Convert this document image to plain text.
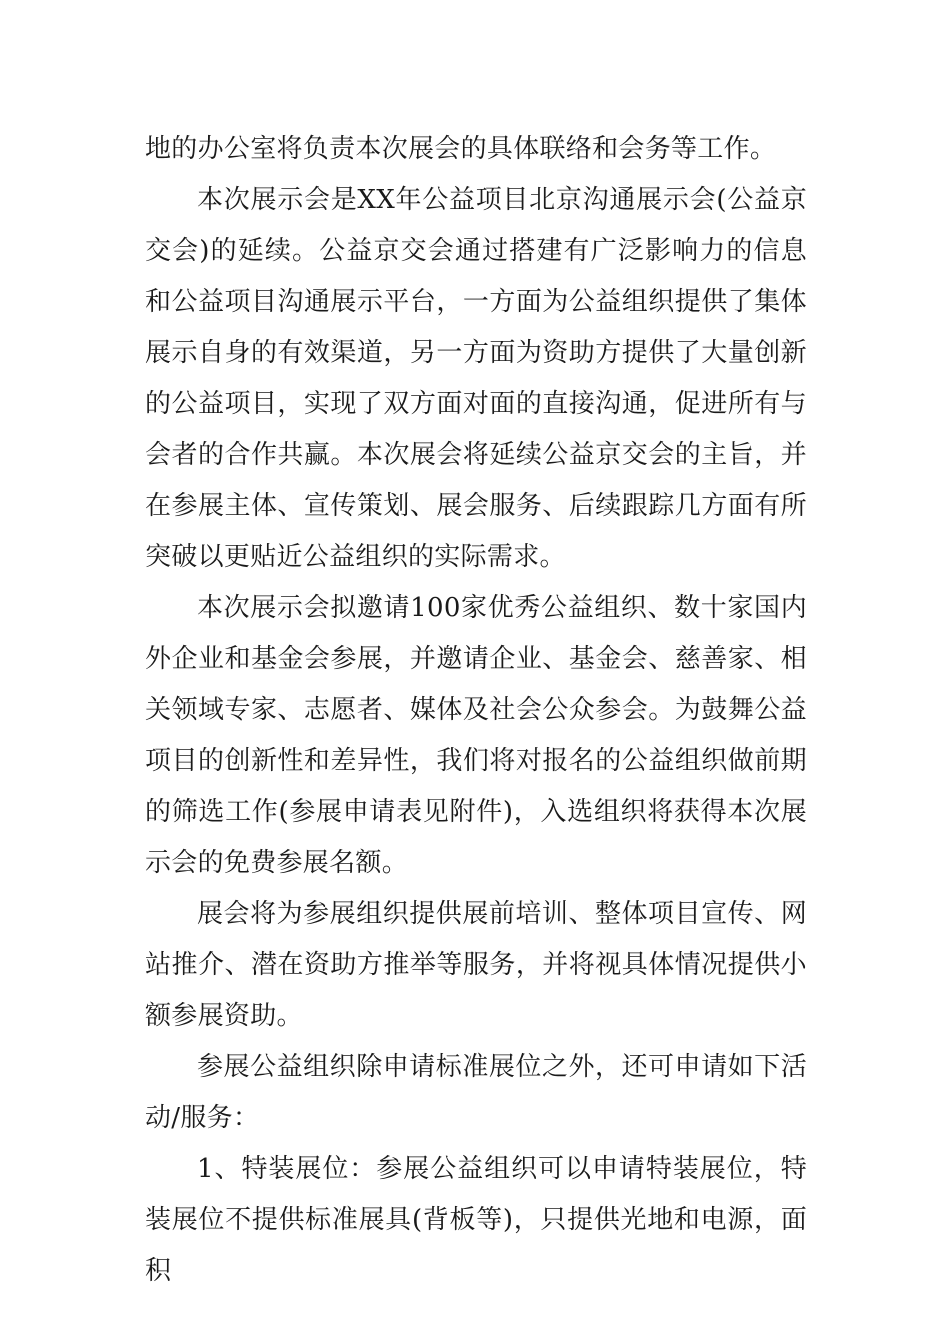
地的办公室将负责本次展会的具体联络和会务等工作。

本次展示会是XX年公益项目北京沟通展示会(公益京交会)的延续。公益京交会通过搭建有广泛影响力的信息和公益项目沟通展示平台，一方面为公益组织提供了集体展示自身的有效渠道，另一方面为资助方提供了大量创新的公益项目，实现了双方面对面的直接沟通，促进所有与会者的合作共赢。本次展会将延续公益京交会的主旨，并在参展主体、宣传策划、展会服务、后续跟踪几方面有所突破以更贴近公益组织的实际需求。

本次展示会拟邀请100家优秀公益组织、数十家国内外企业和基金会参展，并邀请企业、基金会、慈善家、相关领域专家、志愿者、媒体及社会公众参会。为鼓舞公益项目的创新性和差异性，我们将对报名的公益组织做前期的筛选工作(参展申请表见附件)，入选组织将获得本次展示会的免费参展名额。

展会将为参展组织提供展前培训、整体项目宣传、网站推介、潜在资助方推举等服务，并将视具体情况提供小额参展资助。

参展公益组织除申请标准展位之外，还可申请如下活动/服务：

1、特装展位：参展公益组织可以申请特装展位，特装展位不提供标准展具(背板等)，只提供光地和电源，面积
